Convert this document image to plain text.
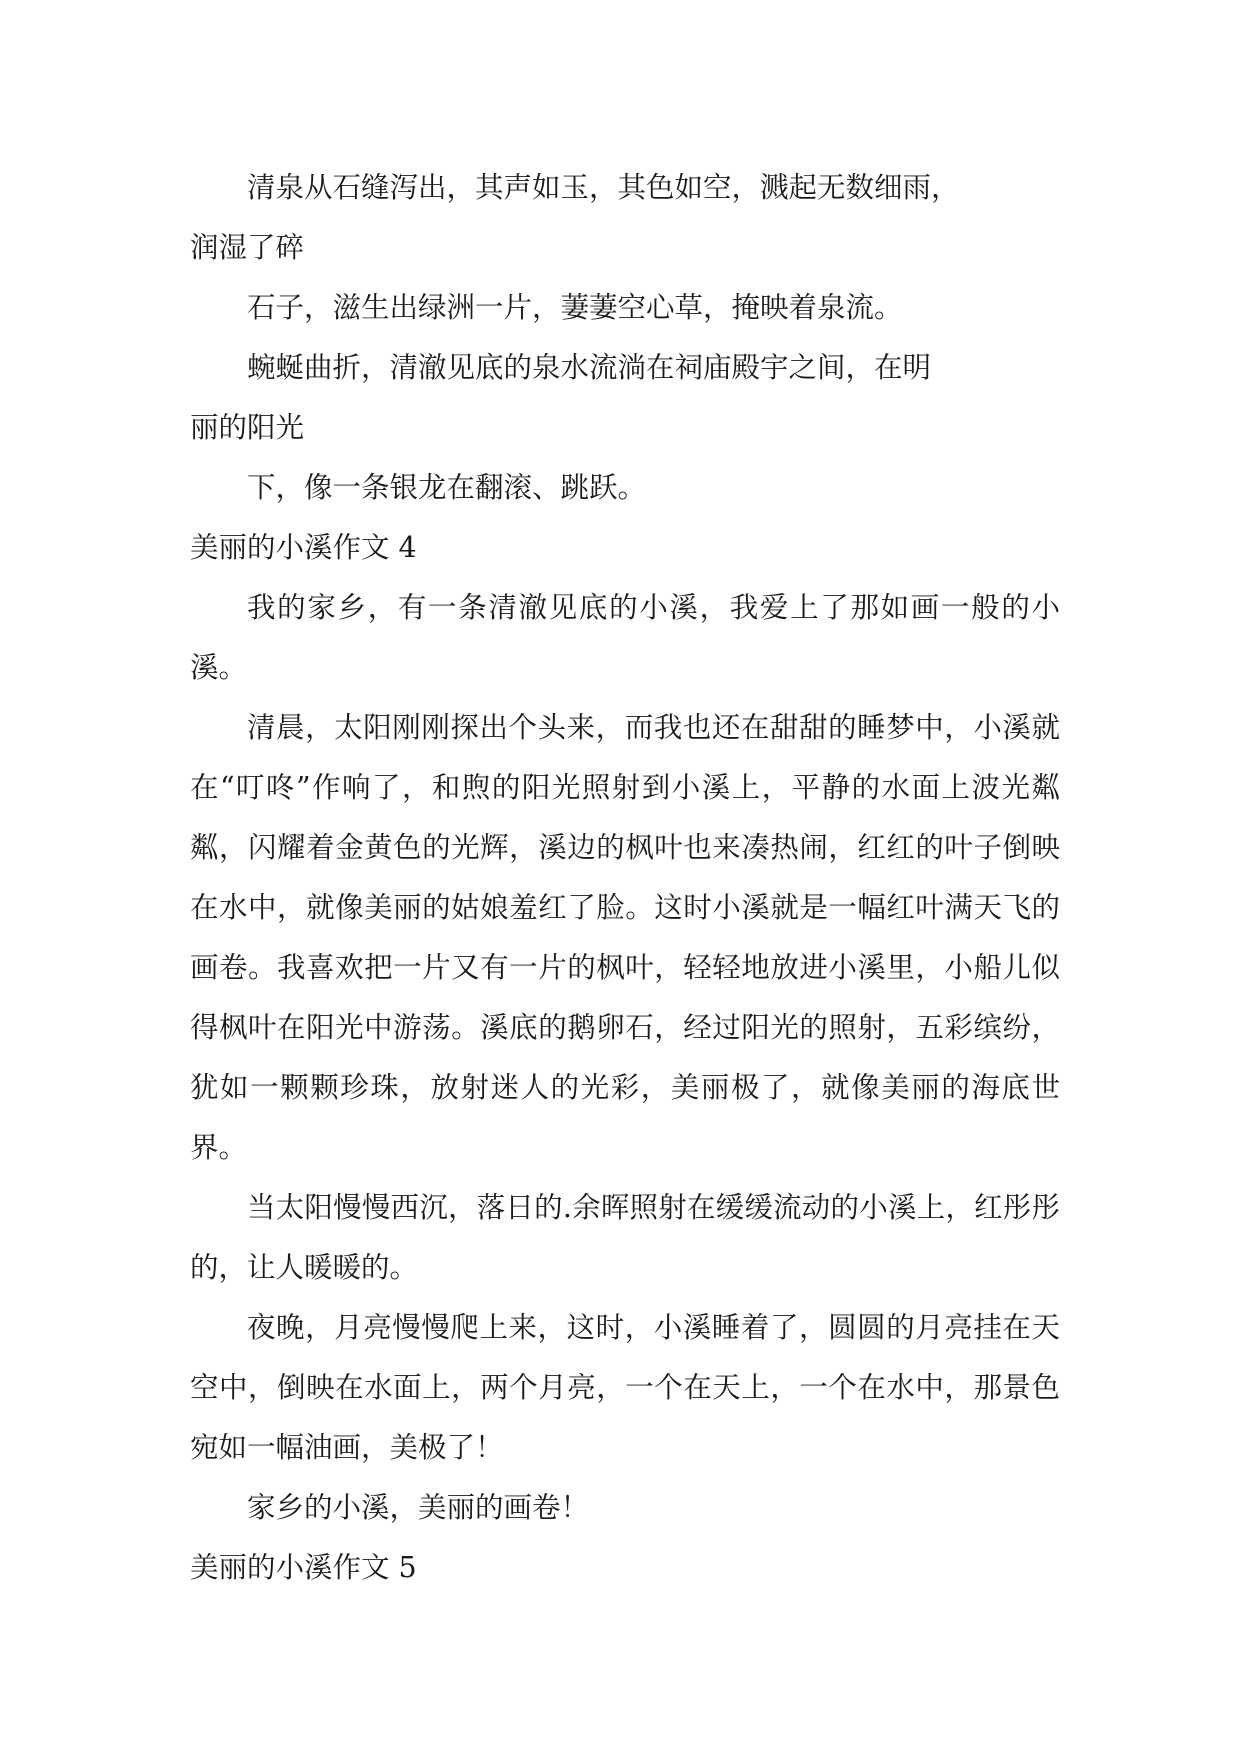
清泉从石缝泻出，其声如玉，其色如空，溅起无数细雨，

润湿了碎

石子，滋生出绿洲一片，萋萋空心草，掩映着泉流。

蜿蜒曲折，清澈见底的泉水流淌在祠庙殿宇之间，在明

丽的阳光

下，像一条银龙在翻滚、跳跃。

美丽的小溪作文 4

我的家乡，有一条清澈见底的小溪，我爱上了那如画一般的小溪。

清晨，太阳刚刚探出个头来，而我也还在甜甜的睡梦中，小溪就在“叮咚”作响了，和煦的阳光照射到小溪上，平静的水面上波光粼粼，闪耀着金黄色的光辉，溪边的枫叶也来凑热闹，红红的叶子倒映在水中，就像美丽的姑娘羞红了脸。这时小溪就是一幅红叶满天飞的画卷。我喜欢把一片又有一片的枫叶，轻轻地放进小溪里，小船儿似得枫叶在阳光中游荡。溪底的鹅卵石，经过阳光的照射，五彩缤纷，犹如一颗颗珍珠，放射迷人的光彩，美丽极了，就像美丽的海底世界。

当太阳慢慢西沉，落日的.余晖照射在缓缓流动的小溪上，红彤彤的，让人暖暖的。

夜晚，月亮慢慢爬上来，这时，小溪睡着了，圆圆的月亮挂在天空中，倒映在水面上，两个月亮，一个在天上，一个在水中，那景色宛如一幅油画，美极了！

家乡的小溪，美丽的画卷！

美丽的小溪作文 5
